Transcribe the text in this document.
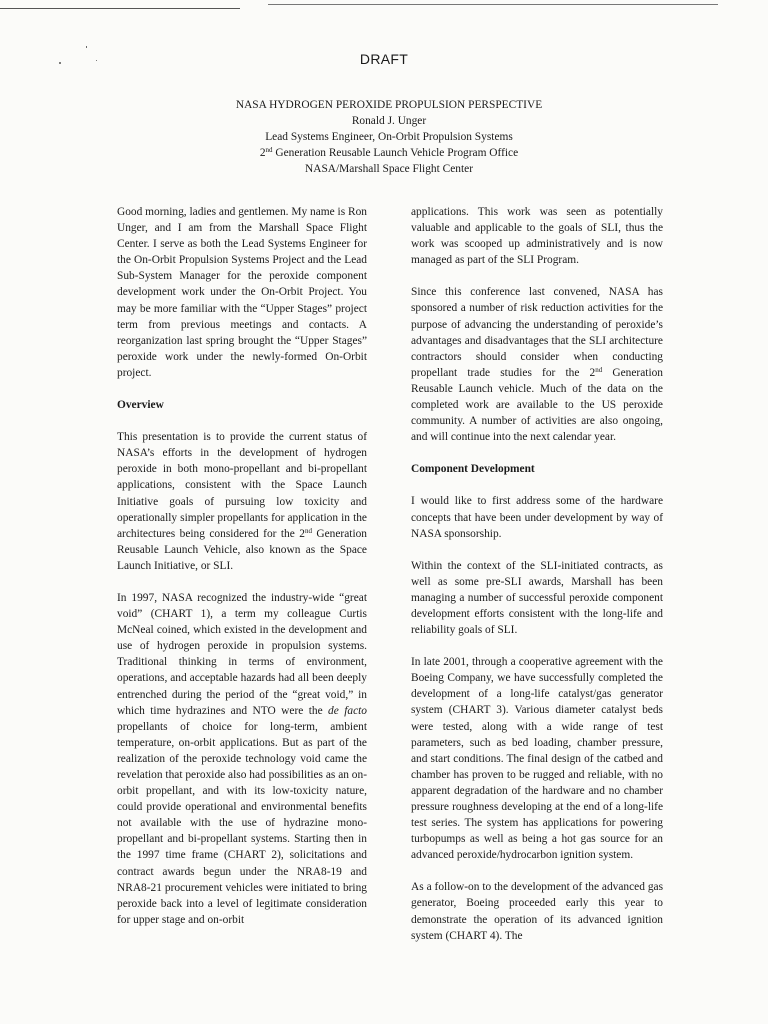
DRAFT
NASA HYDROGEN PEROXIDE PROPULSION PERSPECTIVE
Ronald J. Unger
Lead Systems Engineer, On-Orbit Propulsion Systems
2nd Generation Reusable Launch Vehicle Program Office
NASA/Marshall Space Flight Center

Good morning, ladies and gentlemen. My name is Ron Unger, and I am from the Marshall Space Flight Center. I serve as both the Lead Systems Engineer for the On-Orbit Propulsion Systems Project and the Lead Sub-System Manager for the peroxide component development work under the On-Orbit Project. You may be more familiar with the “Upper Stages” project term from previous meetings and contacts. A reorganization last spring brought the “Upper Stages” peroxide work under the newly-formed On-Orbit project.

Overview

This presentation is to provide the current status of NASA’s efforts in the development of hydrogen peroxide in both mono-propellant and bi-propellant applications, consistent with the Space Launch Initiative goals of pursuing low toxicity and operationally simpler propellants for application in the architectures being considered for the 2nd Generation Reusable Launch Vehicle, also known as the Space Launch Initiative, or SLI.

In 1997, NASA recognized the industry-wide “great void” (CHART 1), a term my colleague Curtis McNeal coined, which existed in the development and use of hydrogen peroxide in propulsion systems. Traditional thinking in terms of environment, operations, and acceptable hazards had all been deeply entrenched during the period of the “great void,” in which time hydrazines and NTO were the de facto propellants of choice for long-term, ambient temperature, on-orbit applications. But as part of the realization of the peroxide technology void came the revelation that peroxide also had possibilities as an on-orbit propellant, and with its low-toxicity nature, could provide operational and environmental benefits not available with the use of hydrazine mono-propellant and bi-propellant systems. Starting then in the 1997 time frame (CHART 2), solicitations and contract awards begun under the NRA8-19 and NRA8-21 procurement vehicles were initiated to bring peroxide back into a level of legitimate consideration for upper stage and on-orbit

applications. This work was seen as potentially valuable and applicable to the goals of SLI, thus the work was scooped up administratively and is now managed as part of the SLI Program.

Since this conference last convened, NASA has sponsored a number of risk reduction activities for the purpose of advancing the understanding of peroxide’s advantages and disadvantages that the SLI architecture contractors should consider when conducting propellant trade studies for the 2nd Generation Reusable Launch vehicle. Much of the data on the completed work are available to the US peroxide community. A number of activities are also ongoing, and will continue into the next calendar year.

Component Development

I would like to first address some of the hardware concepts that have been under development by way of NASA sponsorship.

Within the context of the SLI-initiated contracts, as well as some pre-SLI awards, Marshall has been managing a number of successful peroxide component development efforts consistent with the long-life and reliability goals of SLI.

In late 2001, through a cooperative agreement with the Boeing Company, we have successfully completed the development of a long-life catalyst/gas generator system (CHART 3). Various diameter catalyst beds were tested, along with a wide range of test parameters, such as bed loading, chamber pressure, and start conditions. The final design of the catbed and chamber has proven to be rugged and reliable, with no apparent degradation of the hardware and no chamber pressure roughness developing at the end of a long-life test series. The system has applications for powering turbopumps as well as being a hot gas source for an advanced peroxide/hydrocarbon ignition system.

As a follow-on to the development of the advanced gas generator, Boeing proceeded early this year to demonstrate the operation of its advanced ignition system (CHART 4). The
